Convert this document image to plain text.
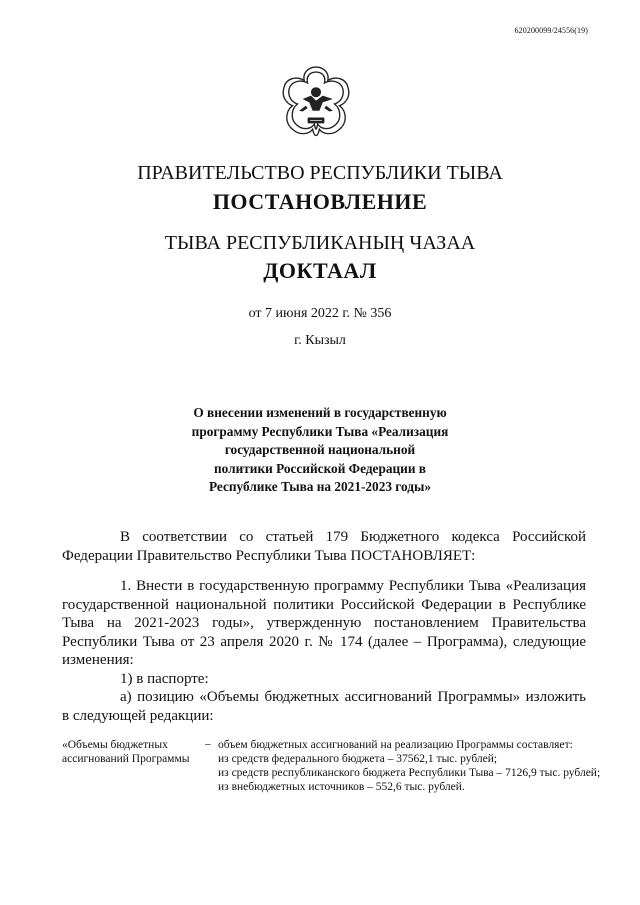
620200099/24556(19)
ПРАВИТЕЛЬСТВО РЕСПУБЛИКИ ТЫВА
ПОСТАНОВЛЕНИЕ
ТЫВА РЕСПУБЛИКАНЫҢ ЧАЗАА
ДОКТААЛ
от 7 июня 2022 г. № 356
г. Кызыл
О внесении изменений в государственную
программу Республики Тыва «Реализация
государственной национальной
политики Российской Федерации в
Республике Тыва на 2021-2023 годы»

В соответствии со статьей 179 Бюджетного кодекса Российской Федерации Правительство Республики Тыва ПОСТАНОВЛЯЕТ:

1. Внести в государственную программу Республики Тыва «Реализация государственной национальной политики Российской Федерации в Республике Тыва на 2021-2023 годы», утвержденную постановлением Правительства Республики Тыва от 23 апреля 2020 г. № 174 (далее – Программа), следующие изменения:

1) в паспорте:

а) позицию «Объемы бюджетных ассигнований Программы» изложить в следующей редакции:

«Объемы бюджетных ассигнований Программы
– объем бюджетных ассигнований на реализацию Программы составляет:

из средств федерального бюджета – 37562,1 тыс. рублей;

из средств республиканского бюджета Республики Тыва – 7126,9 тыс. рублей;

из внебюджетных источников – 552,6 тыс. рублей.
